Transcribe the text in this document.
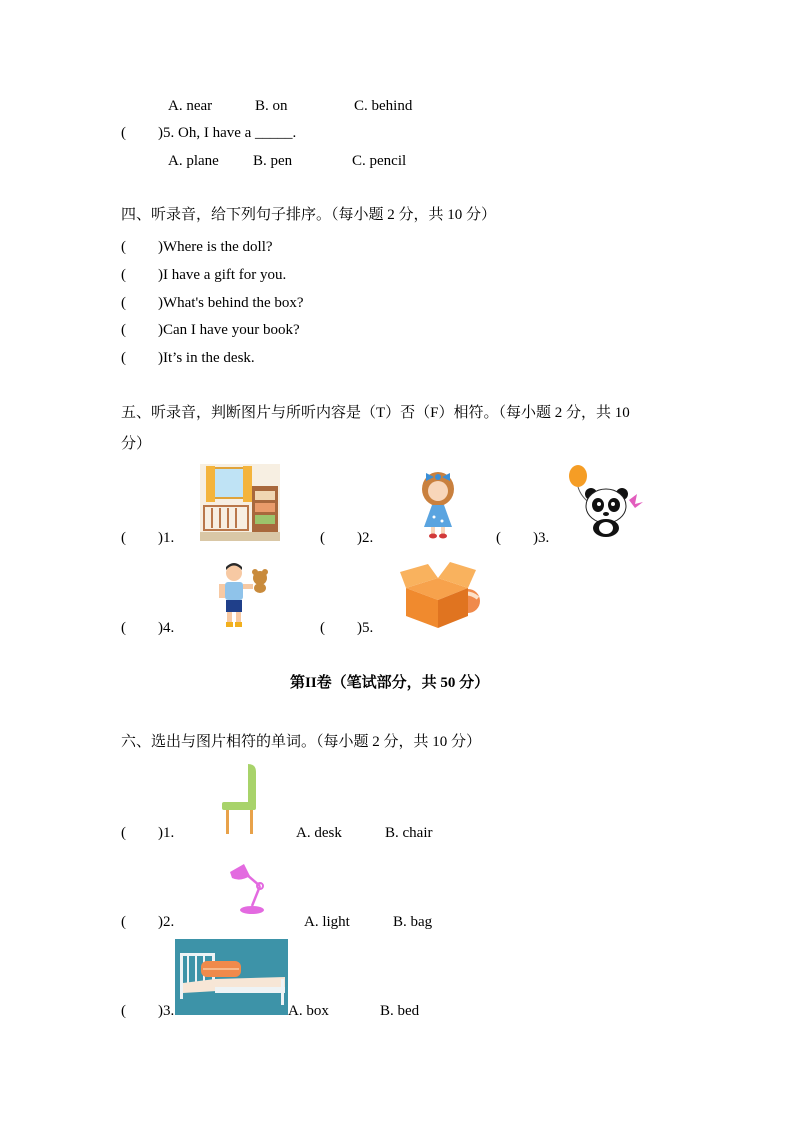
A. near	B. on	C. behind
( )5. Oh, I have a _____.
A. plane B. pen	C. pencil
四、听录音，给下列句子排序。（每小题 2 分，共 10 分）
( )Where is the doll?
( )I have a gift for you.
( )What's behind the box?
( )Can I have your book?
( )It’s in the desk.
五、听录音，判断图片与所听内容是（T）否（F）相符。（每小题 2 分，共 10
分）
( )1.	( )2.	( )3.
( )4.	( )5.
第II卷（笔试部分，共 50 分）
六、选出与图片相符的单词。（每小题 2 分，共 10 分）
( )1.	A. desk	B. chair
( )2.	A. light	B. bag
( )3.	A. box	B. bed
